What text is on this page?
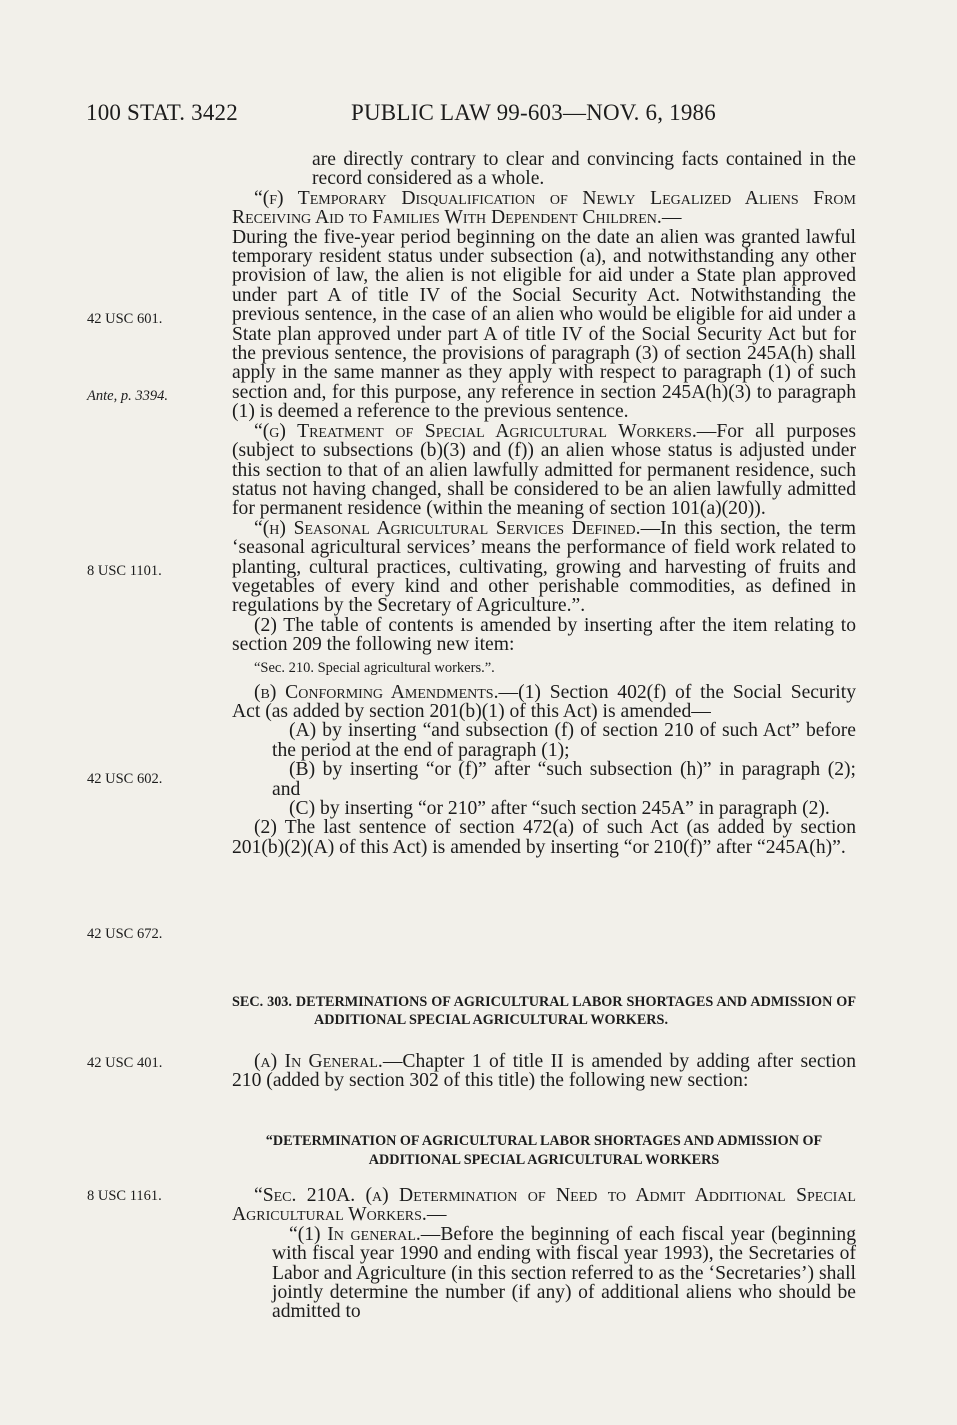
100 STAT. 3422	PUBLIC LAW 99-603—NOV. 6, 1986
42 USC 601.
Ante, p. 3394.
8 USC 1101.
42 USC 602.
42 USC 672.
42 USC 401.
8 USC 1161.

are directly contrary to clear and convincing facts contained in the record considered as a whole.

“(f) Temporary Disqualification of Newly Legalized Aliens From Receiving Aid to Families With Dependent Children.—

During the five-year period beginning on the date an alien was granted lawful temporary resident status under subsection (a), and notwithstanding any other provision of law, the alien is not eligible for aid under a State plan approved under part A of title IV of the Social Security Act. Notwithstanding the previous sentence, in the case of an alien who would be eligible for aid under a State plan approved under part A of title IV of the Social Security Act but for the previous sentence, the provisions of paragraph (3) of section 245A(h) shall apply in the same manner as they apply with respect to paragraph (1) of such section and, for this purpose, any reference in section 245A(h)(3) to paragraph (1) is deemed a reference to the previous sentence.

“(g) Treatment of Special Agricultural Workers.—For all purposes (subject to subsections (b)(3) and (f)) an alien whose status is adjusted under this section to that of an alien lawfully admitted for permanent residence, such status not having changed, shall be considered to be an alien lawfully admitted for permanent residence (within the meaning of section 101(a)(20)).

“(h) Seasonal Agricultural Services Defined.—In this section, the term ‘seasonal agricultural services’ means the performance of field work related to planting, cultural practices, cultivating, growing and harvesting of fruits and vegetables of every kind and other perishable commodities, as defined in regulations by the Secretary of Agriculture.”.

(2) The table of contents is amended by inserting after the item relating to section 209 the following new item:

“Sec. 210. Special agricultural workers.”.

(b) Conforming Amendments.—(1) Section 402(f) of the Social Security Act (as added by section 201(b)(1) of this Act) is amended—

(A) by inserting “and subsection (f) of section 210 of such Act” before the period at the end of paragraph (1);

(B) by inserting “or (f)” after “such subsection (h)” in paragraph (2); and

(C) by inserting “or 210” after “such section 245A” in paragraph (2).

(2) The last sentence of section 472(a) of such Act (as added by section 201(b)(2)(A) of this Act) is amended by inserting “or 210(f)” after “245A(h)”.

SEC. 303. DETERMINATIONS OF AGRICULTURAL LABOR SHORTAGES AND ADMISSION OF ADDITIONAL SPECIAL AGRICULTURAL WORKERS.

(a) In General.—Chapter 1 of title II is amended by adding after section 210 (added by section 302 of this title) the following new section:

“DETERMINATION OF AGRICULTURAL LABOR SHORTAGES AND ADMISSION OF ADDITIONAL SPECIAL AGRICULTURAL WORKERS

“Sec. 210A. (a) Determination of Need to Admit Additional Special Agricultural Workers.—

“(1) In general.—Before the beginning of each fiscal year (beginning with fiscal year 1990 and ending with fiscal year 1993), the Secretaries of Labor and Agriculture (in this section referred to as the ‘Secretaries’) shall jointly determine the number (if any) of additional aliens who should be admitted to
